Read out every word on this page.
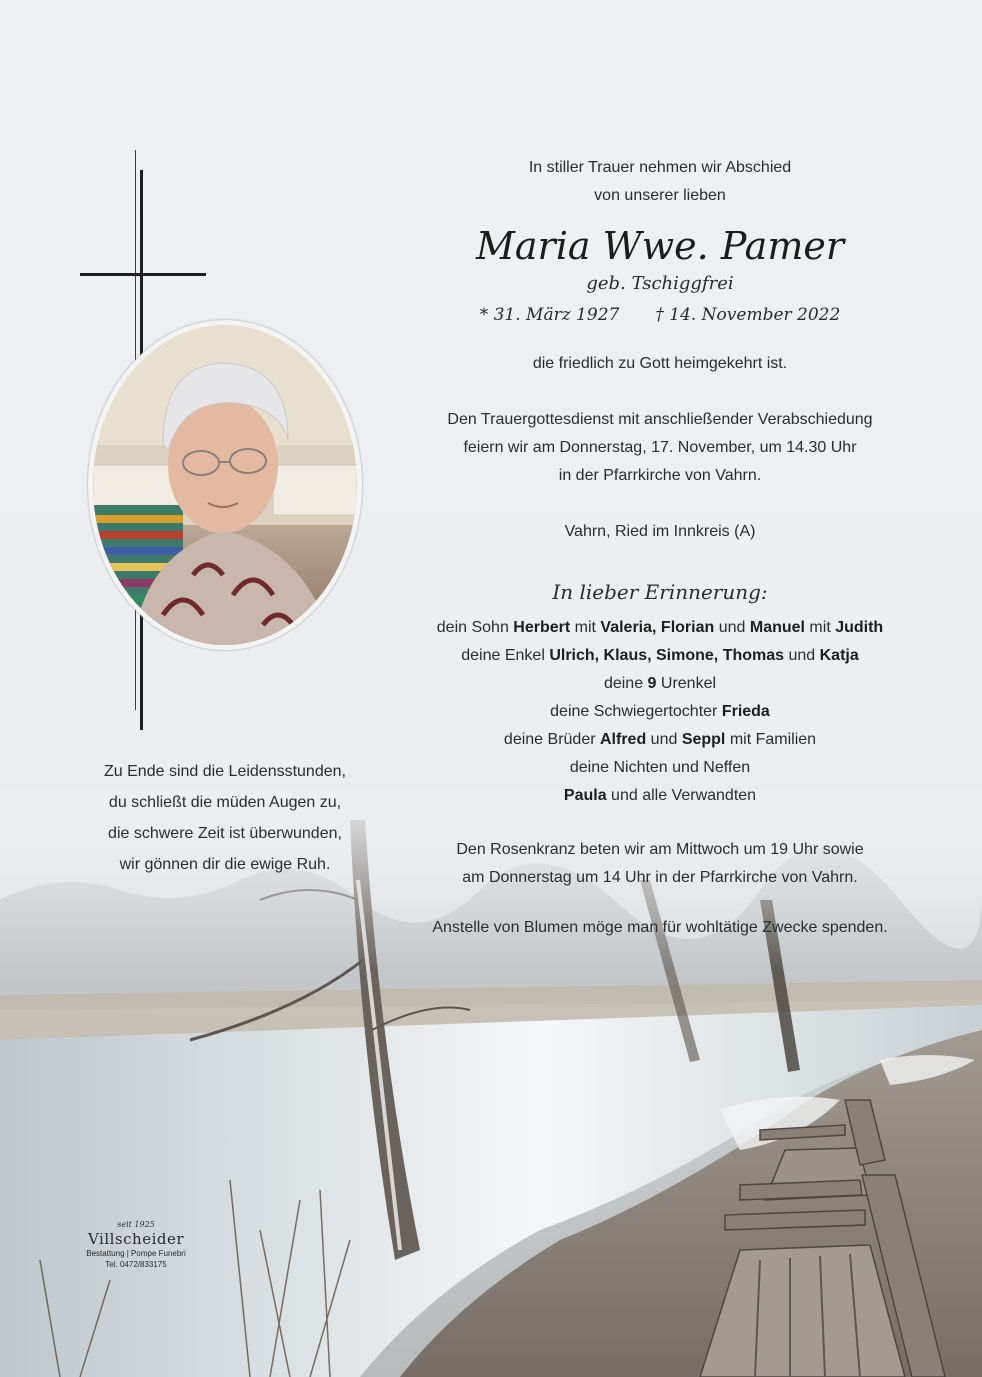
In stiller Trauer nehmen wir Abschied
von unserer lieben
Maria Wwe. Pamer
geb. Tschiggfrei
* 31. März 1927 † 14. November 2022
die friedlich zu Gott heimgekehrt ist.
Den Trauergottesdienst mit anschließender Verabschiedung
feiern wir am Donnerstag, 17. November, um 14.30 Uhr
in der Pfarrkirche von Vahrn.
Vahrn, Ried im Innkreis (A)
In lieber Erinnerung:
dein Sohn Herbert mit Valeria, Florian und Manuel mit Judith
deine Enkel Ulrich, Klaus, Simone, Thomas und Katja
deine 9 Urenkel
deine Schwiegertochter Frieda
deine Brüder Alfred und Seppl mit Familien
deine Nichten und Neffen
Paula und alle Verwandten
Den Rosenkranz beten wir am Mittwoch um 19 Uhr sowie
am Donnerstag um 14 Uhr in der Pfarrkirche von Vahrn.
Anstelle von Blumen möge man für wohltätige Zwecke spenden.
Zu Ende sind die Leidensstunden,
du schließt die müden Augen zu,
die schwere Zeit ist überwunden,
wir gönnen dir die ewige Ruh.
seit 1925
Villscheider
Bestattung | Pompe Funebri
Tel. 0472/833175
